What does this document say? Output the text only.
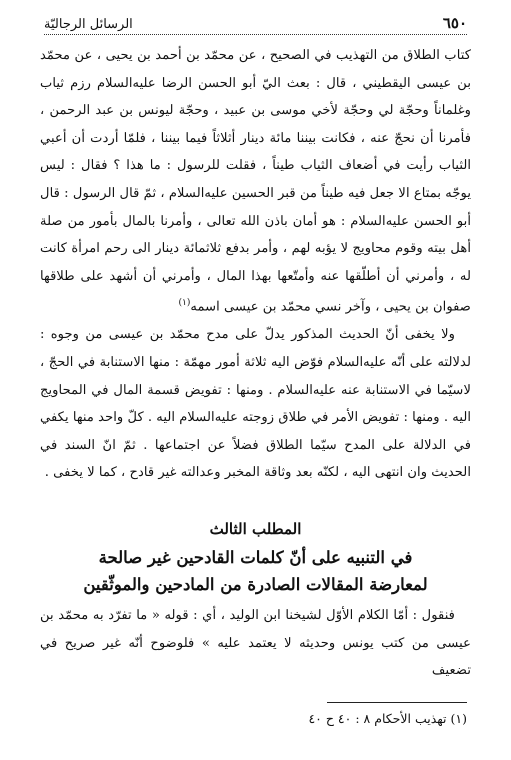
٦٥٠
الرسائل الرجاليّة

كتاب الطلاق من التهذيب في الصحيح ، عن محمّد بن أحمد بن يحيى ، عن محمّد بن عيسى اليقطيني ، قال : بعث اليّ أبو الحسن الرضا عليه‌السلام رزم ثياب وغلماناً وحجّة لي وحجّة لأخي موسى بن عبيد ، وحجّة ليونس بن عبد الرحمن ، فأمرنا أن نحجّ عنه ، فكانت بيننا مائة دينار أثلاثاً فيما بيننا ، فلمّا أردت أن أعبي الثياب رأيت في أضعاف الثياب طيناً ، فقلت للرسول : ما هذا ؟ فقال : ليس يوجّه بمتاع الا جعل فيه طيناً من قبر الحسين عليه‌السلام ، ثمّ قال الرسول : قال أبو الحسن عليه‌السلام : هو أمان باذن الله تعالى ، وأمرنا بالمال بأمور من صلة أهل بيته وقوم محاويج لا يؤبه لهم ، وأمر بدفع ثلاثمائة دينار الى رحم امرأة كانت له ، وأمرني أن أطلّقها عنه وأمتّعها بهذا المال ، وأمرني أن أشهد على طلاقها صفوان بن يحيى ، وآخر نسي محمّد بن عيسى اسمه$^{(١)}$

ولا يخفى أنّ الحديث المذكور يدلّ على مدح محمّد بن عيسى من وجوه : لدلالته على أنّه عليه‌السلام فوّض اليه ثلاثة أمور مهمّة : منها الاستنابة في الحجّ ، لاسيّما في الاستنابة عنه عليه‌السلام . ومنها : تفويض قسمة المال في المحاويج اليه . ومنها : تفويض الأمر في طلاق زوجته عليه‌السلام اليه . كلّ واحد منها يكفي في الدلالة على المدح سيّما الطلاق فضلاً عن اجتماعها . ثمّ انّ السند في الحديث وان انتهى اليه ، لكنّه بعد وثاقة المخبر وعدالته غير قادح ، كما لا يخفى .

المطلب الثالث
في التنبيه على أنّ كلمات القادحين غير صالحة
لمعارضة المقالات الصادرة من المادحين والموثّقين

فنقول : أمّا الكلام الأوّل لشيخنا ابن الوليد ، أي : قوله « ما تفرّد به محمّد بن عيسى من كتب يونس وحديثه لا يعتمد عليه » فلوضوح أنّه غير صريح في تضعيف

(١) تهذيب الأحكام ٨ : ٤٠ ح ٤٠
